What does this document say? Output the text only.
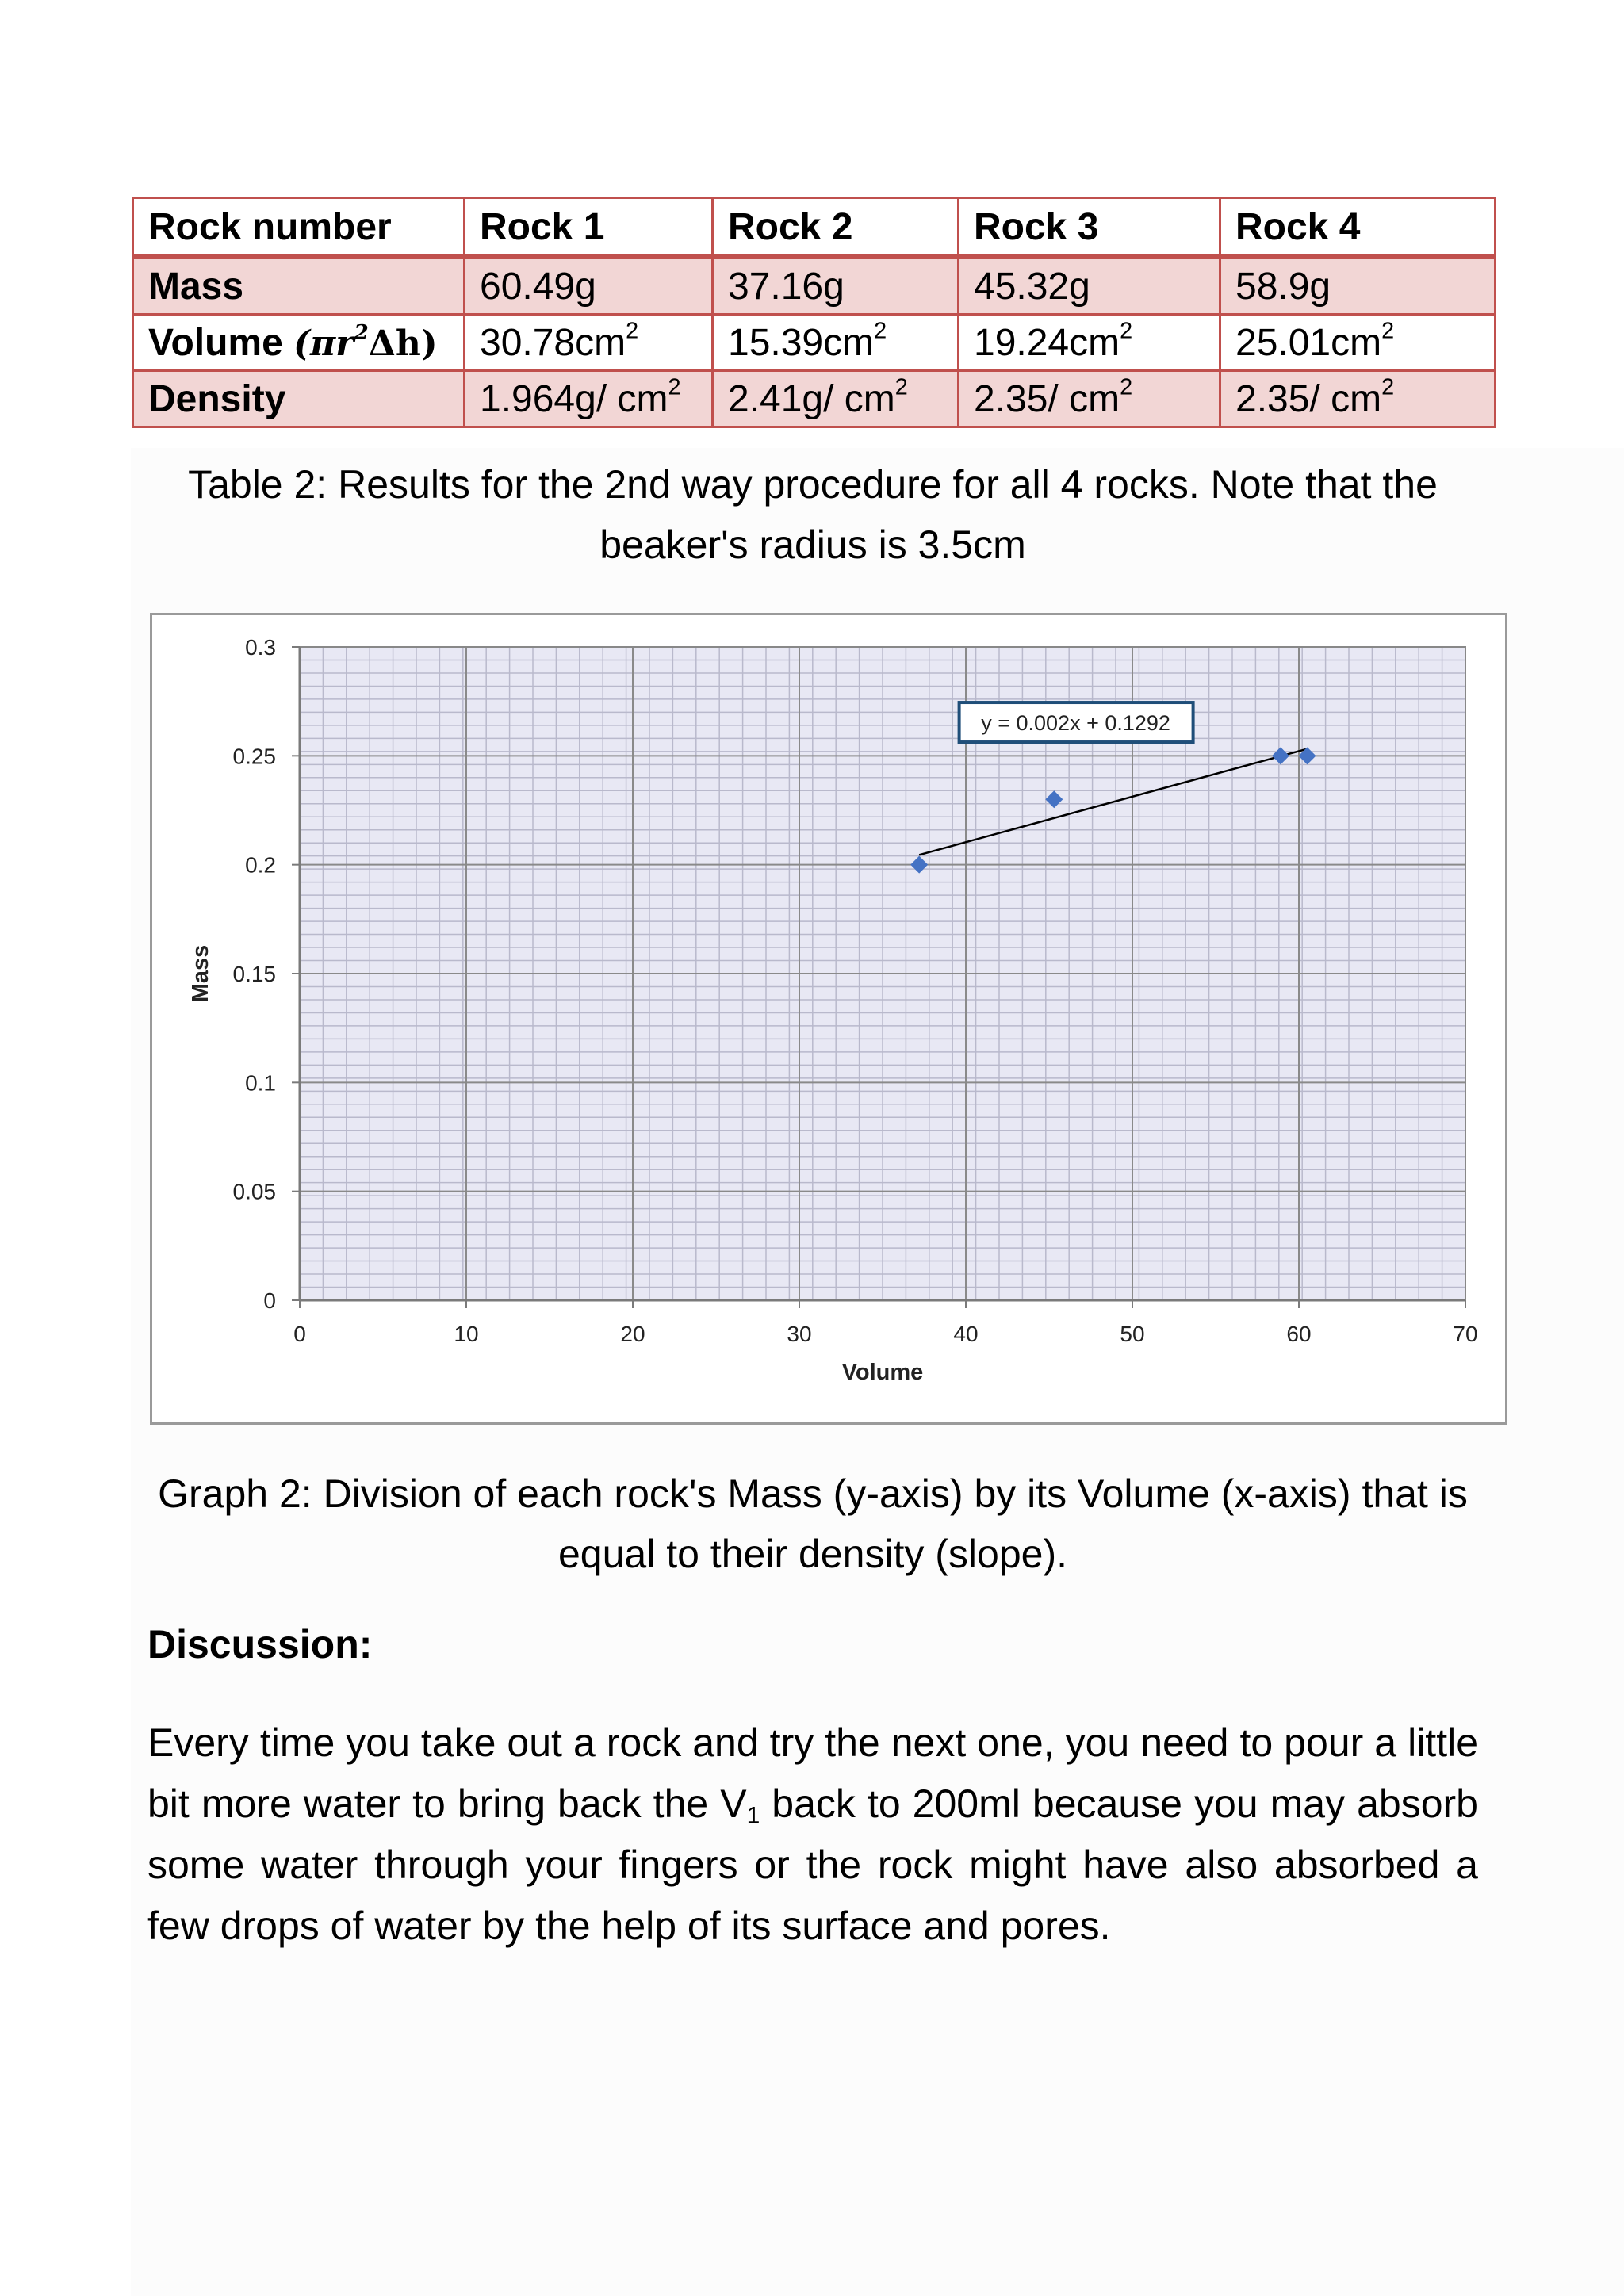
Rock number	Rock 1	Rock 2	Rock 3	Rock 4
Mass	60.49g	37.16g	45.32g	58.9g
Volume $(\pi r^2\Delta h)$	$30.78cm^2$	$15.39cm^2$	$19.24cm^2$	$25.01cm^2$
Density	1.964g/ $cm^2$	2.41g/ $cm^2$	2.35/ $cm^2$	2.35/ $cm^2$
Table 2: Results for the 2nd way procedure for all 4 rocks. Note that the beaker's radius is 3.5cm
0	10	20	30	40	50	60	70
0
0.05
0.1
0.15
0.2
0.25
0.3
Volume
Mass
y = 0.002x + 0.1292
Graph 2: Division of each rock's Mass (y-axis) by its Volume (x-axis) that is equal to their density (slope).
Discussion:
Every time you take out a rock and try the next one, you need to pour a little bit more water to bring back the $V_1$ back to 200ml because you may absorb some water through your fingers or the rock might have also absorbed a few drops of water by the help of its surface and pores.
